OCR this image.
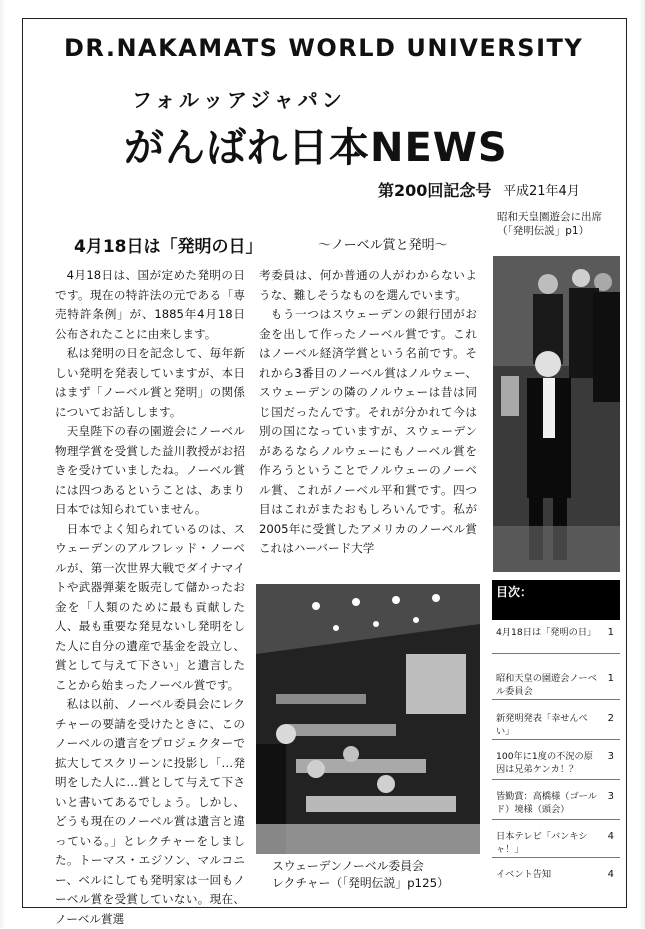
DR.NAKAMATS WORLD UNIVERSITY
フォルッアジャパン
がんばれ日本NEWS
第200回記念号 平成21年4月
4月18日は「発明の日」	～ノーベル賞と発明～
昭和天皇園遊会に出席（「発明伝説」p1）

4月18日は、国が定めた発明の日です。現在の特許法の元である「専売特許条例」が、1885年4月18日公布されたことに由来します。

私は発明の日を記念して、毎年新しい発明を発表していますが、本日はまず「ノーベル賞と発明」の関係についてお話しします。

天皇陛下の春の園遊会にノーベル物理学賞を受賞した益川教授がお招きを受けていましたね。ノーベル賞には四つあるということは、あまり日本では知られていません。

日本でよく知られているのは、スウェーデンのアルフレッド・ノーベルが、第一次世界大戦でダイナマイトや武器弾薬を販売して儲かったお金を「人類のために最も貢献した人、最も重要な発見ないし発明をした人に自分の遺産で基金を設立し、賞として与えて下さい」と遺言したことから始まったノーベル賞です。

私は以前、ノーベル委員会にレクチャーの要請を受けたときに、このノーベルの遺言をプロジェクターで拡大してスクリーンに投影し「…発明をした人に…賞として与えて下さいと書いてあるでしょう。しかし、どうも現在のノーベル賞は遺言と違っている。」とレクチャーをしました。トーマス・エジソン、マルコニー、ベルにしても発明家は一回もノーベル賞を受賞していない。現在、ノーベル賞選

考委員は、何か普通の人がわからないような、難しそうなものを選んでいます。

もう一つはスウェーデンの銀行団がお金を出して作ったノーベル賞です。これはノーベル経済学賞という名前です。それから3番目のノーベル賞はノルウェー、スウェーデンの隣のノルウェーは昔は同じ国だったんです。それが分かれて今は別の国になっていますが、スウェーデンがあるならノルウェーにもノーベル賞を作ろうということでノルウェーのノーベル賞、これがノーベル平和賞です。四つ目はこれがまたおもしろいんです。私が2005年に受賞したアメリカのノーベル賞これはハーバード大学

スウェーデンノーベル委員会
レクチャー（「発明伝説」p125）
目次：
4月18日は「発明の日」 1
昭和天皇の園遊会ノーベル委員会
1
新発明発表「幸せんべい」
2
100年に1度の不況の原因は兄弟ケンカ！？
3
皆勤賞：高橋様（ゴールド）境様（頭会）
3
日本テレビ「バンキシャ！」
4
イベント告知	4
